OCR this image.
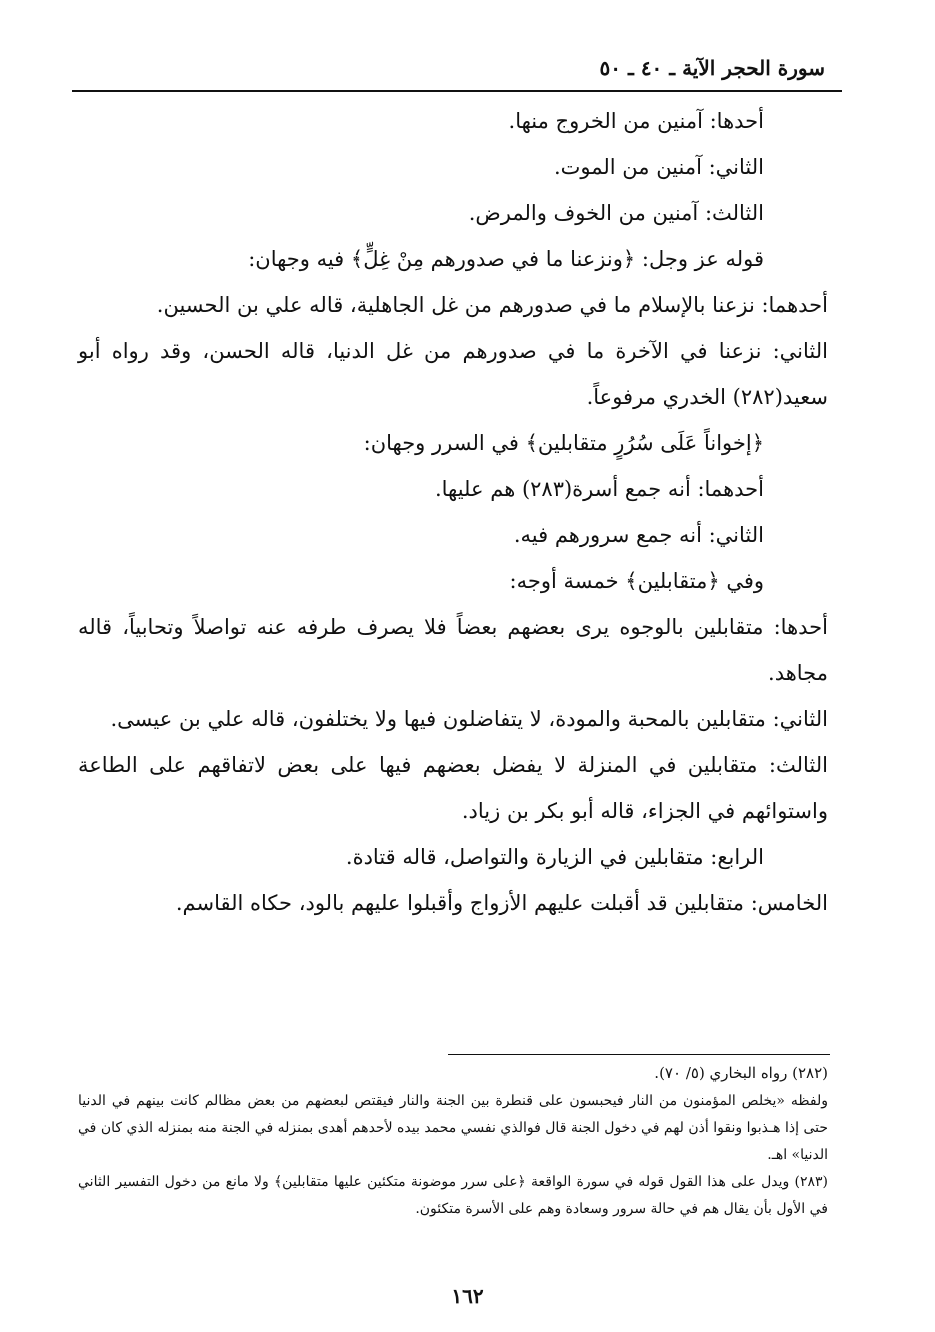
سورة الحجر الآية ـ ٤٠ ـ ٥٠

أحدها: آمنين من الخروج منها.

الثاني: آمنين من الموت.

الثالث: آمنين من الخوف والمرض.

قوله عز وجل: ﴿ونزعنا ما في صدورهم مِنْ غِلٍّ﴾ فيه وجهان:

أحدهما: نزعنا بالإسلام ما في صدورهم من غل الجاهلية، قاله علي بن الحسين.

الثاني: نزعنا في الآخرة ما في صدورهم من غل الدنيا، قاله الحسن، وقد رواه أبو سعيد(٢٨٢) الخدري مرفوعاً.

﴿إخواناً عَلَى سُرُرٍ متقابلين﴾ في السرر وجهان:

أحدهما: أنه جمع أسرة(٢٨٣) هم عليها.

الثاني: أنه جمع سرورهم فيه.

وفي ﴿متقابلين﴾ خمسة أوجه:

أحدها: متقابلين بالوجوه يرى بعضهم بعضاً فلا يصرف طرفه عنه تواصلاً وتحابياً، قاله مجاهد.

الثاني: متقابلين بالمحبة والمودة، لا يتفاضلون فيها ولا يختلفون، قاله علي بن عيسى.

الثالث: متقابلين في المنزلة لا يفضل بعضهم فيها على بعض لاتفاقهم على الطاعة واستوائهم في الجزاء، قاله أبو بكر بن زياد.

الرابع: متقابلين في الزيارة والتواصل، قاله قتادة.

الخامس: متقابلين قد أقبلت عليهم الأزواج وأقبلوا عليهم بالود، حكاه القاسم.

(٢٨٢) رواه البخاري (٥/ ٧٠).

ولفظه «يخلص المؤمنون من النار فيحبسون على قنطرة بين الجنة والنار فيقتص لبعضهم من بعض مظالم كانت بينهم في الدنيا حتى إذا هـذبوا ونقوا أذن لهم في دخول الجنة قال فوالذي نفسي محمد بيده لأحدهم أهدى بمنزله في الجنة منه بمنزله الذي كان في الدنيا» اهـ.

(٢٨٣) ويدل على هذا القول قوله في سورة الواقعة ﴿على سرر موضونة متكئين عليها متقابلين﴾ ولا مانع من دخول التفسير الثاني في الأول بأن يقال هم في حالة سرور وسعادة وهم على الأسرة متكئون.

١٦٢
